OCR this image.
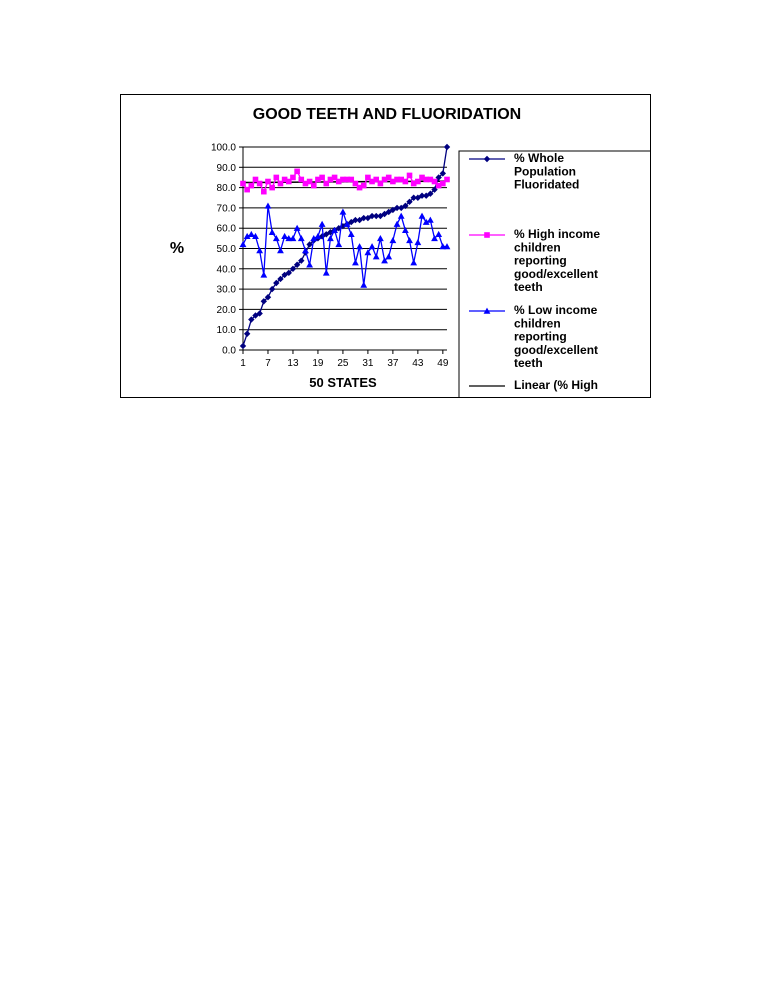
GOOD TEETH AND FLUORIDATION
%
50 STATES
0.0
10.0
20.0
30.0
40.0
50.0
60.0
70.0
80.0
90.0
100.0
1 7 13 19 25 31 37 43 49
% Whole
Population
Fluoridated
% High income
children
reporting
good/excellent
teeth
% Low income
children
reporting
good/excellent
teeth
Linear (% High
